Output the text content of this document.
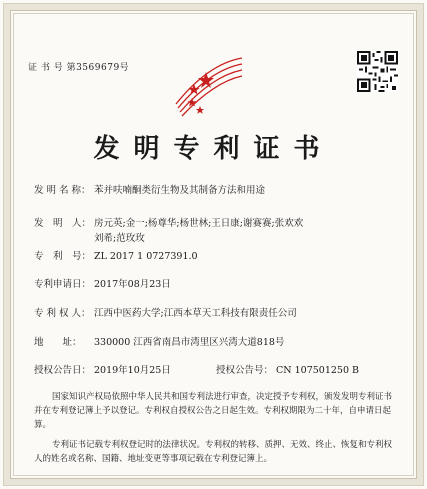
证 书 号 第3569679号
发明专利证书
发 明 名 称： 苯并呋喃酮类衍生物及其制备方法和用途
发　明　人： 房元英;金一;杨尊华;杨世林;王日康;谢赛赛;张欢欢
刘希;范玫玫
专　利　号： ZL 2017 1 0727391.0
专利申请日： 2017年08月23日
专 利 权 人： 江西中医药大学;江西本草天工科技有限责任公司
地　　址：	330000 江西省南昌市湾里区兴湾大道818号
授权公告日： 2019年10月25日	授权公告号： CN 107501250 B

国家知识产权局依照中华人民共和国专利法进行审查，决定授予专利权，颁发发明专利证书并在专利登记簿上予以登记。专利权自授权公告之日起生效。专利权期限为二十年，自申请日起算。

专利证书记载专利权登记时的法律状况。专利权的转移、质押、无效、终止、恢复和专利权人的姓名或名称、国籍、地址变更等事项记载在专利登记簿上。
